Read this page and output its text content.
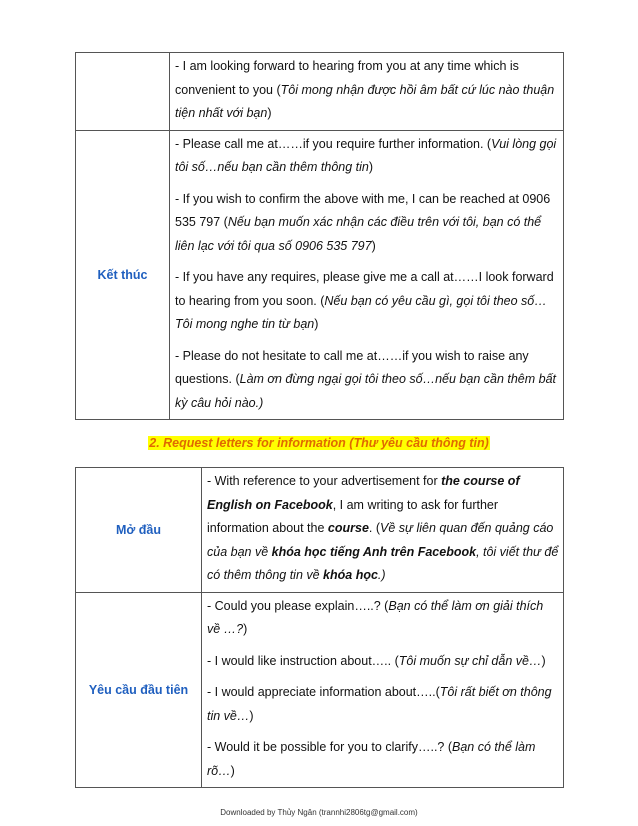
	- I am looking forward to hearing from you at any time which is convenient to you (Tôi mong nhận được hồi âm bất cứ lúc nào thuận tiện nhất với bạn)

Kết thúc	- Please call me at……if you require further information. (Vui lòng gọi tôi số…nếu bạn cần thêm thông tin)

- If you wish to confirm the above with me, I can be reached at 0906 535 797 (Nếu bạn muốn xác nhận các điều trên với tôi, bạn có thể liên lạc với tôi qua số 0906 535 797)

- If you have any requires, please give me a call at……I look forward to hearing from you soon. (Nếu bạn có yêu cầu gì, gọi tôi theo số…Tôi mong nghe tin từ bạn)

- Please do not hesitate to call me at……if you wish to raise any questions. (Làm ơn đừng ngại gọi tôi theo số…nếu bạn cần thêm bất kỳ câu hỏi nào.)

2. Request letters for information (Thư yêu cầu thông tin)
Mở đầu	- With reference to your advertisement for the course of English on Facebook, I am writing to ask for further information about the course. (Về sự liên quan đến quảng cáo của bạn về khóa học tiếng Anh trên Facebook, tôi viết thư để có thêm thông tin về khóa học.)

Yêu cầu đầu tiên	- Could you please explain…..? (Bạn có thể làm ơn giải thích về …?)

- I would like instruction about….. (Tôi muốn sự chỉ dẫn về…)

- I would appreciate information about…..(Tôi rất biết ơn thông tin về…)

- Would it be possible for you to clarify…..? (Bạn có thể làm rõ…)

Downloaded by Thủy Ngân (trannhi2806tg@gmail.com)
